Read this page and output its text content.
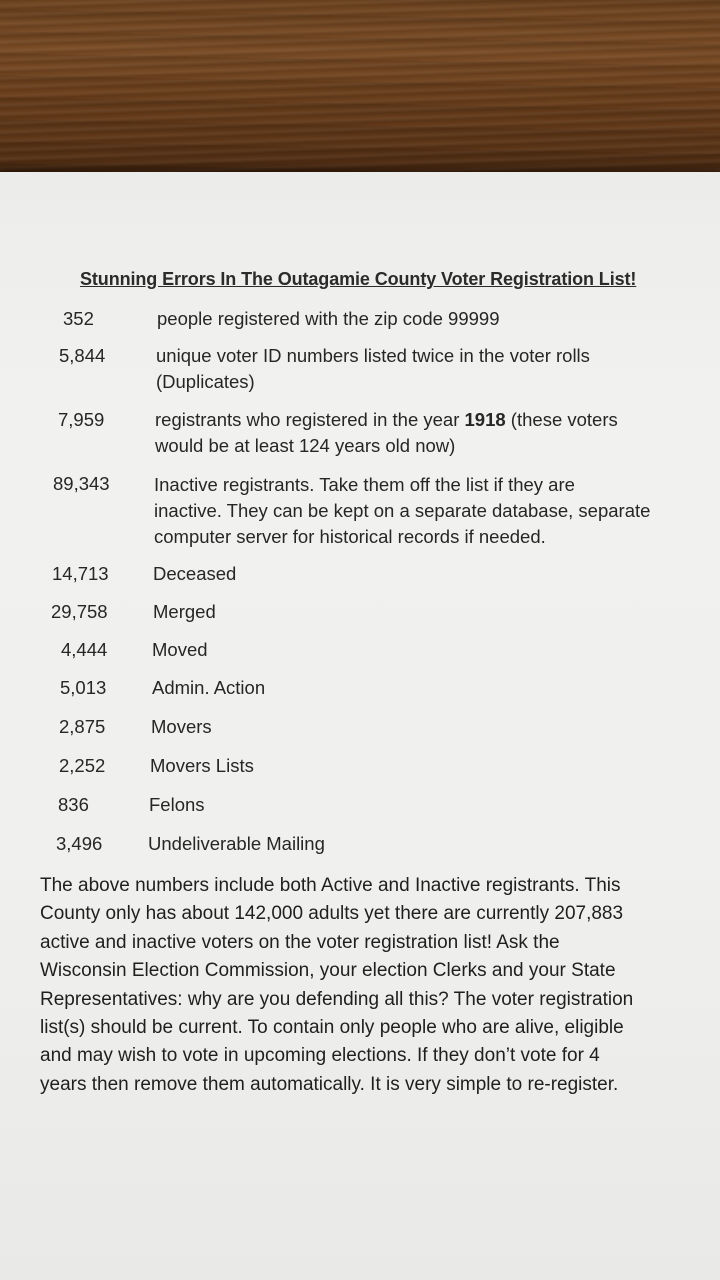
Stunning Errors In The Outagamie County Voter Registration List!
352	people registered with the zip code 99999
5,844	unique voter ID numbers listed twice in the voter rolls
(Duplicates)
7,959	registrants who registered in the year 1918 (these voters
would be at least 124 years old now)
89,343 Inactive registrants. Take them off the list if they are
inactive. They can be kept on a separate database, separate
computer server for historical records if needed.
14,713 Deceased
29,758 Merged
4,444 Moved
5,013 Admin. Action
2,875 Movers
2,252 Movers Lists
836	Felons
3,496 Undeliverable Mailing
The above numbers include both Active and Inactive registrants. This
County only has about 142,000 adults yet there are currently 207,883
active and inactive voters on the voter registration list! Ask the
Wisconsin Election Commission, your election Clerks and your State
Representatives: why are you defending all this? The voter registration
list(s) should be current. To contain only people who are alive, eligible
and may wish to vote in upcoming elections. If they don’t vote for 4
years then remove them automatically. It is very simple to re-register.
